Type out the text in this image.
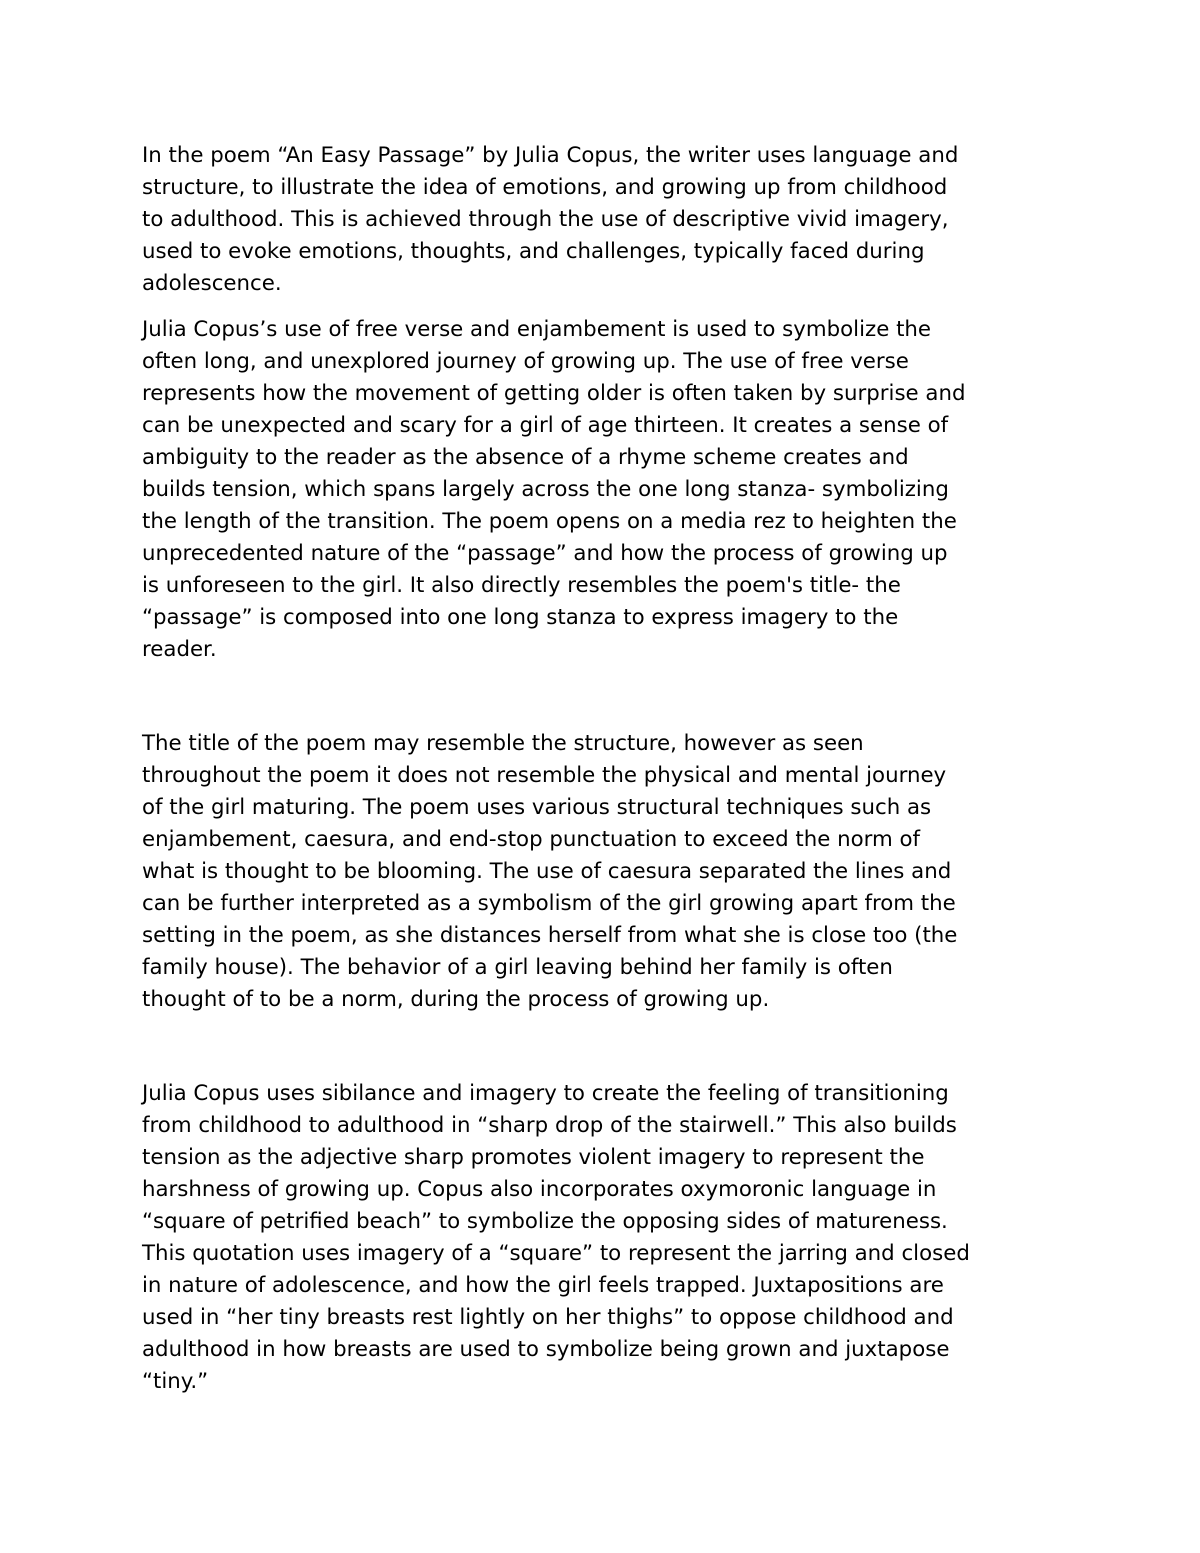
In the poem “An Easy Passage” by Julia Copus, the writer uses language and
structure, to illustrate the idea of emotions, and growing up from childhood
to adulthood. This is achieved through the use of descriptive vivid imagery,
used to evoke emotions, thoughts, and challenges, typically faced during
adolescence.

Julia Copus’s use of free verse and enjambement is used to symbolize the
often long, and unexplored journey of growing up. The use of free verse
represents how the movement of getting older is often taken by surprise and
can be unexpected and scary for a girl of age thirteen. It creates a sense of
ambiguity to the reader as the absence of a rhyme scheme creates and
builds tension, which spans largely across the one long stanza- symbolizing
the length of the transition. The poem opens on a media rez to heighten the
unprecedented nature of the “passage” and how the process of growing up
is unforeseen to the girl. It also directly resembles the poem's title- the
“passage” is composed into one long stanza to express imagery to the
reader.

The title of the poem may resemble the structure, however as seen
throughout the poem it does not resemble the physical and mental journey
of the girl maturing. The poem uses various structural techniques such as
enjambement, caesura, and end-stop punctuation to exceed the norm of
what is thought to be blooming. The use of caesura separated the lines and
can be further interpreted as a symbolism of the girl growing apart from the
setting in the poem, as she distances herself from what she is close too (the
family house). The behavior of a girl leaving behind her family is often
thought of to be a norm, during the process of growing up.

Julia Copus uses sibilance and imagery to create the feeling of transitioning
from childhood to adulthood in “sharp drop of the stairwell.” This also builds
tension as the adjective sharp promotes violent imagery to represent the
harshness of growing up. Copus also incorporates oxymoronic language in
“square of petrified beach” to symbolize the opposing sides of matureness.
This quotation uses imagery of a “square” to represent the jarring and closed
in nature of adolescence, and how the girl feels trapped. Juxtapositions are
used in “her tiny breasts rest lightly on her thighs” to oppose childhood and
adulthood in how breasts are used to symbolize being grown and juxtapose
“tiny.”
